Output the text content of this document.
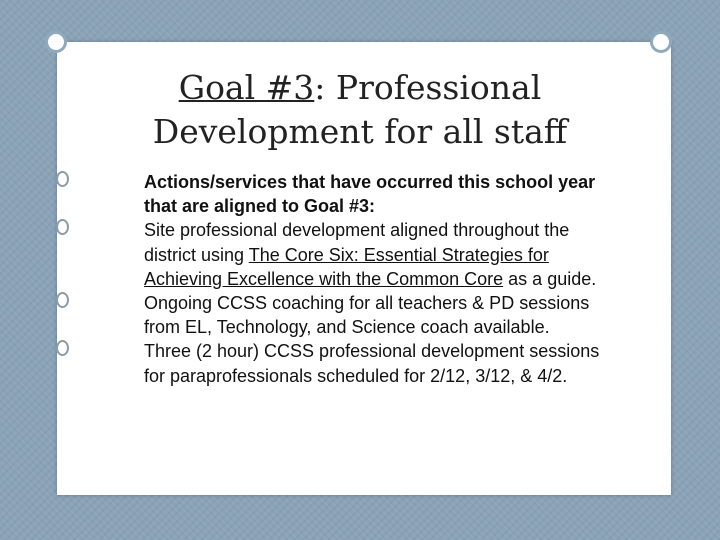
Goal #3: Professional
Development for all staff
Actions/services that have occurred this school year that are aligned to Goal #3:
Site professional development aligned throughout the district using The Core Six: Essential Strategies for Achieving Excellence with the Common Core as a guide.
Ongoing CCSS coaching for all teachers & PD sessions from EL, Technology, and Science coach available.
Three (2 hour) CCSS professional development sessions for paraprofessionals scheduled for 2/12, 3/12, & 4/2.
